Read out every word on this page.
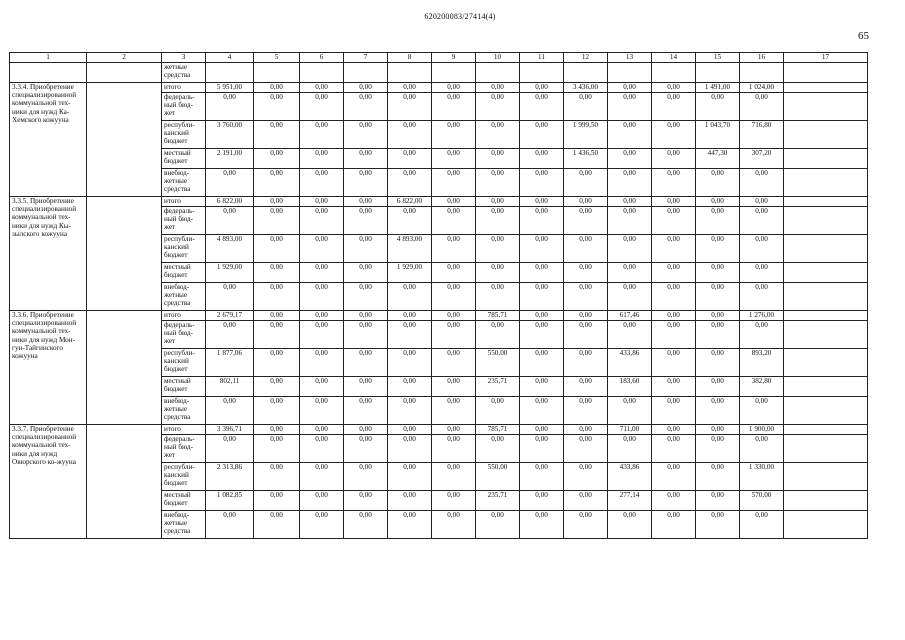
620200083/27414(4)
65
1	2	3	4	5	6	7	8	9	10	11	12	13	14	15	16	17
		жетные средства														
3.3.4. Приобретение специализированной коммунальной тех-ники для нужд Ка-Хемского кожууна		итого	5 951,00	0,00	0,00	0,00	0,00	0,00	0,00	0,00	3 436,00	0,00	0,00	1 491,00	1 024,00	
		федераль-ный бюд-жет	0,00	0,00	0,00	0,00	0,00	0,00	0,00	0,00	0,00	0,00	0,00	0,00	0,00	
		республи-канский бюджет	3 760,00	0,00	0,00	0,00	0,00	0,00	0,00	0,00	1 999,50	0,00	0,00	1 043,70	716,80	
		местный бюджет	2 191,00	0,00	0,00	0,00	0,00	0,00	0,00	0,00	1 436,50	0,00	0,00	447,30	307,20	
		внебюд-жетные средства	0,00	0,00	0,00	0,00	0,00	0,00	0,00	0,00	0,00	0,00	0,00	0,00	0,00	
3.3.5. Приобретение специализированной коммунальной тех-ники для нужд Кы-зылского кожууна		итого	6 822,00	0,00	0,00	0,00	6 822,00	0,00	0,00	0,00	0,00	0,00	0,00	0,00	0,00	
		федераль-ный бюд-жет	0,00	0,00	0,00	0,00	0,00	0,00	0,00	0,00	0,00	0,00	0,00	0,00	0,00	
		республи-канский бюджет	4 893,00	0,00	0,00	0,00	4 893,00	0,00	0,00	0,00	0,00	0,00	0,00	0,00	0,00	
		местный бюджет	1 929,00	0,00	0,00	0,00	1 929,00	0,00	0,00	0,00	0,00	0,00	0,00	0,00	0,00	
		внебюд-жетные средства	0,00	0,00	0,00	0,00	0,00	0,00	0,00	0,00	0,00	0,00	0,00	0,00	0,00	
3.3.6. Приобретение специализированной коммунальной тех-ники для нужд Мон-гун-Тайгинского кожууна		итого	2 679,17	0,00	0,00	0,00	0,00	0,00	785,71	0,00	0,00	617,46	0,00	0,00	1 276,00	
		федераль-ный бюд-жет	0,00	0,00	0,00	0,00	0,00	0,00	0,00	0,00	0,00	0,00	0,00	0,00	0,00	
		республи-канский бюджет	1 877,06	0,00	0,00	0,00	0,00	0,00	550,00	0,00	0,00	433,86	0,00	0,00	893,20	
		местный бюджет	802,11	0,00	0,00	0,00	0,00	0,00	235,71	0,00	0,00	183,60	0,00	0,00	382,80	
		внебюд-жетные средства	0,00	0,00	0,00	0,00	0,00	0,00	0,00	0,00	0,00	0,00	0,00	0,00	0,00	
3.3.7. Приобретение специализированной коммунальной тех-ники для нужд Овюрского ко-жууна		итого	3 396,71	0,00	0,00	0,00	0,00	0,00	785,71	0,00	0,00	711,00	0,00	0,00	1 900,00	
		федераль-ный бюд-жет	0,00	0,00	0,00	0,00	0,00	0,00	0,00	0,00	0,00	0,00	0,00	0,00	0,00	
		республи-канский бюджет	2 313,86	0,00	0,00	0,00	0,00	0,00	550,00	0,00	0,00	433,86	0,00	0,00	1 330,00	
		местный бюджет	1 082,85	0,00	0,00	0,00	0,00	0,00	235,71	0,00	0,00	277,14	0,00	0,00	570,00	
		внебюд-жетные средства	0,00	0,00	0,00	0,00	0,00	0,00	0,00	0,00	0,00	0,00	0,00	0,00	0,00	
